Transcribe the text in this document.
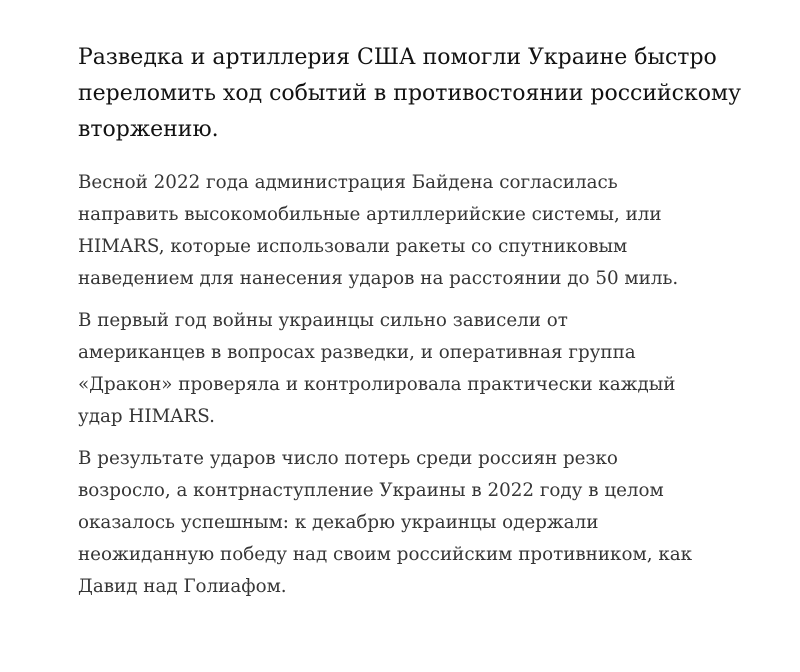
Разведка и артиллерия США помогли Украине быстро
переломить ход событий в противостоянии российскому
вторжению.

Весной 2022 года администрация Байдена согласилась
направить высокомобильные артиллерийские системы, или
HIMARS, которые использовали ракеты со спутниковым
наведением для нанесения ударов на расстоянии до 50 миль.

В первый год войны украинцы сильно зависели от
американцев в вопросах разведки, и оперативная группа
«Дракон» проверяла и контролировала практически каждый
удар HIMARS.

В результате ударов число потерь среди россиян резко
возросло, а контрнаступление Украины в 2022 году в целом
оказалось успешным: к декабрю украинцы одержали
неожиданную победу над своим российским противником, как
Давид над Голиафом.
